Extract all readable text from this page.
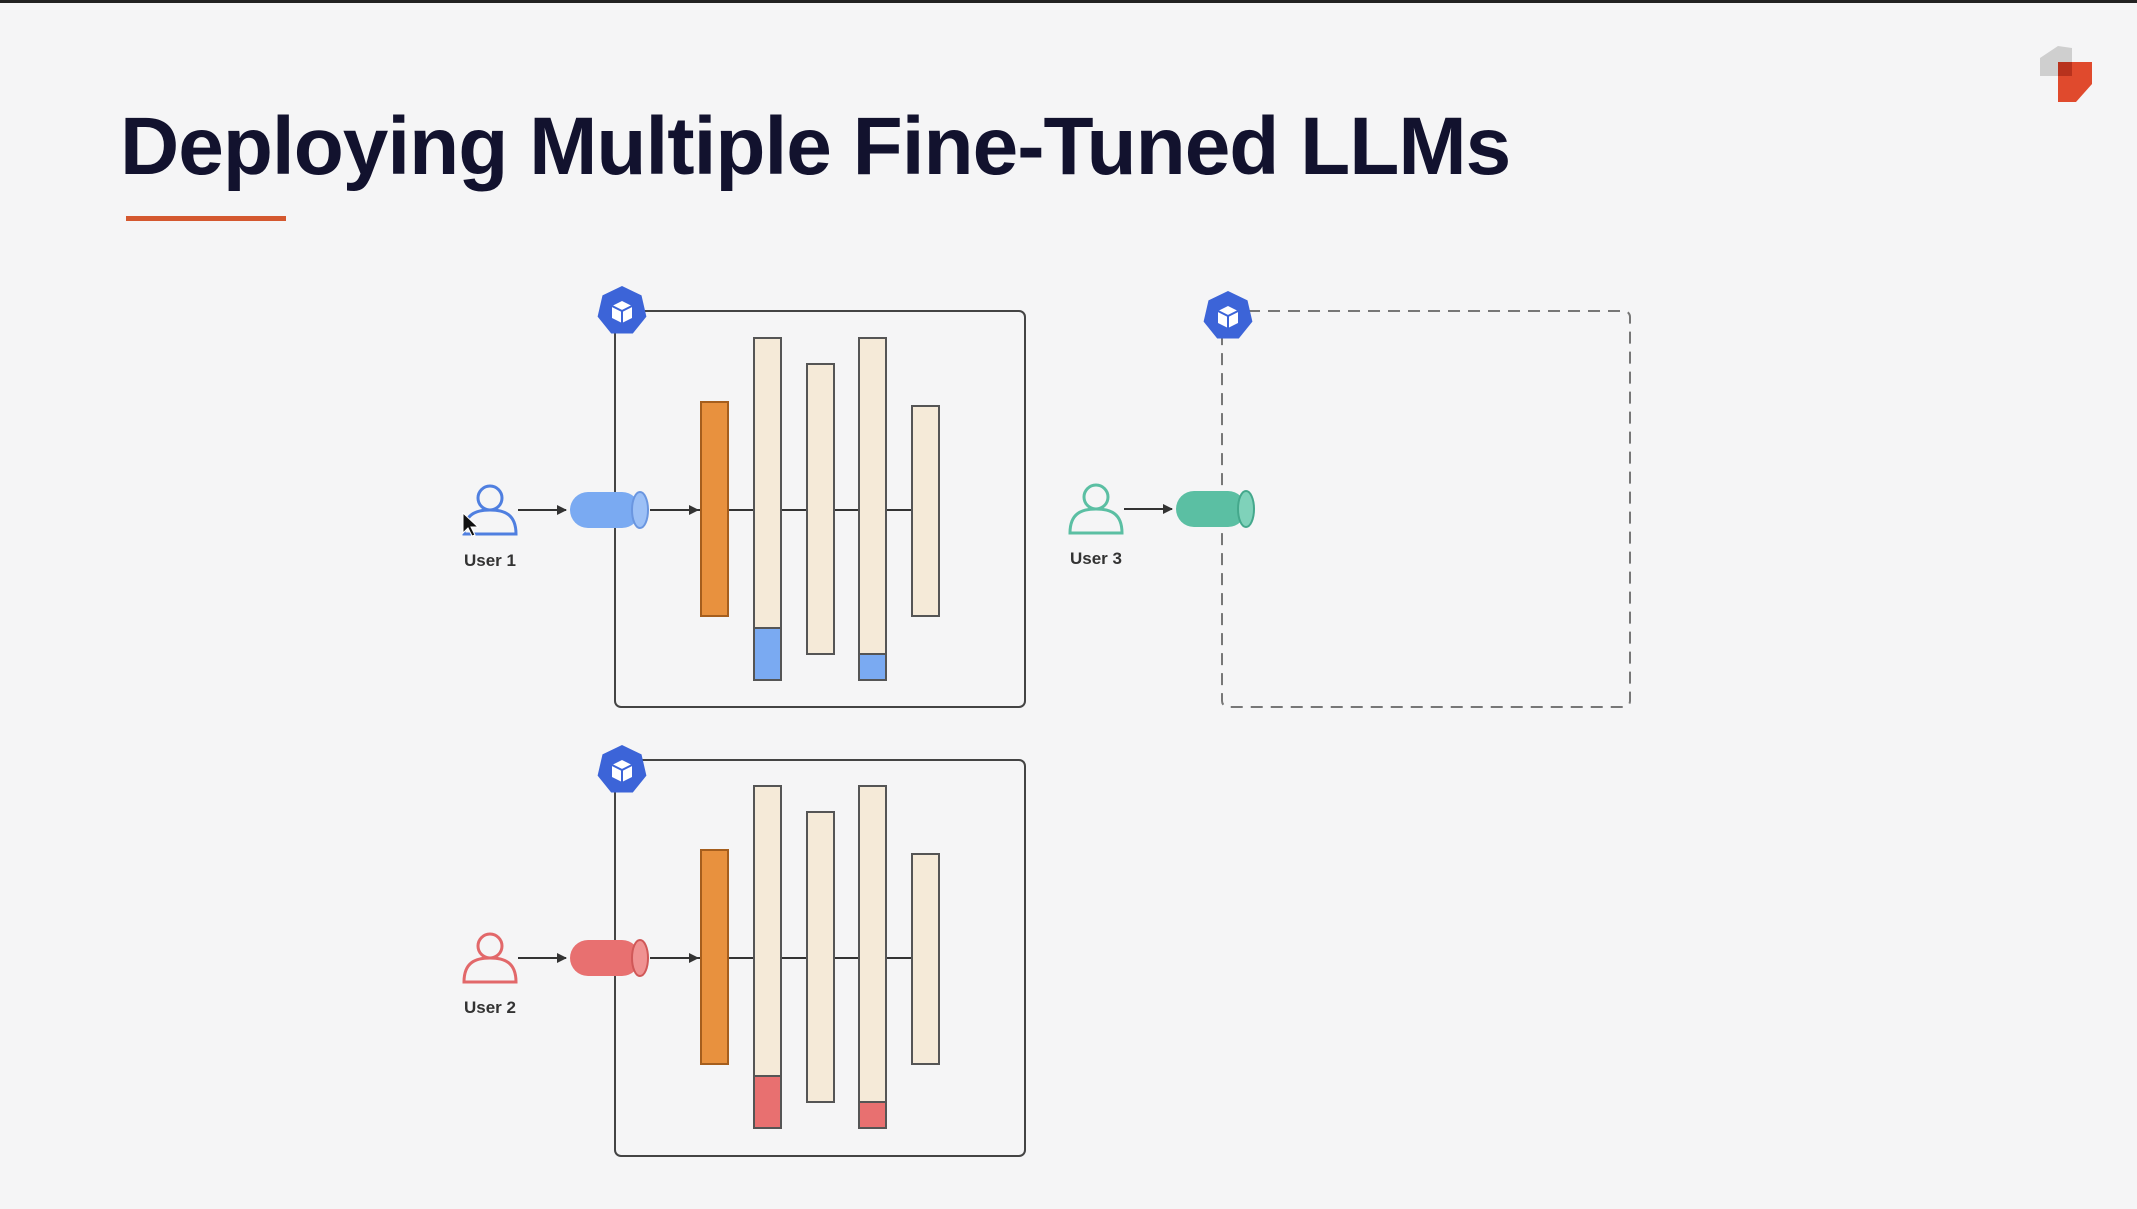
Deploying Multiple Fine-Tuned LLMs
User 1
User 2
User 3
